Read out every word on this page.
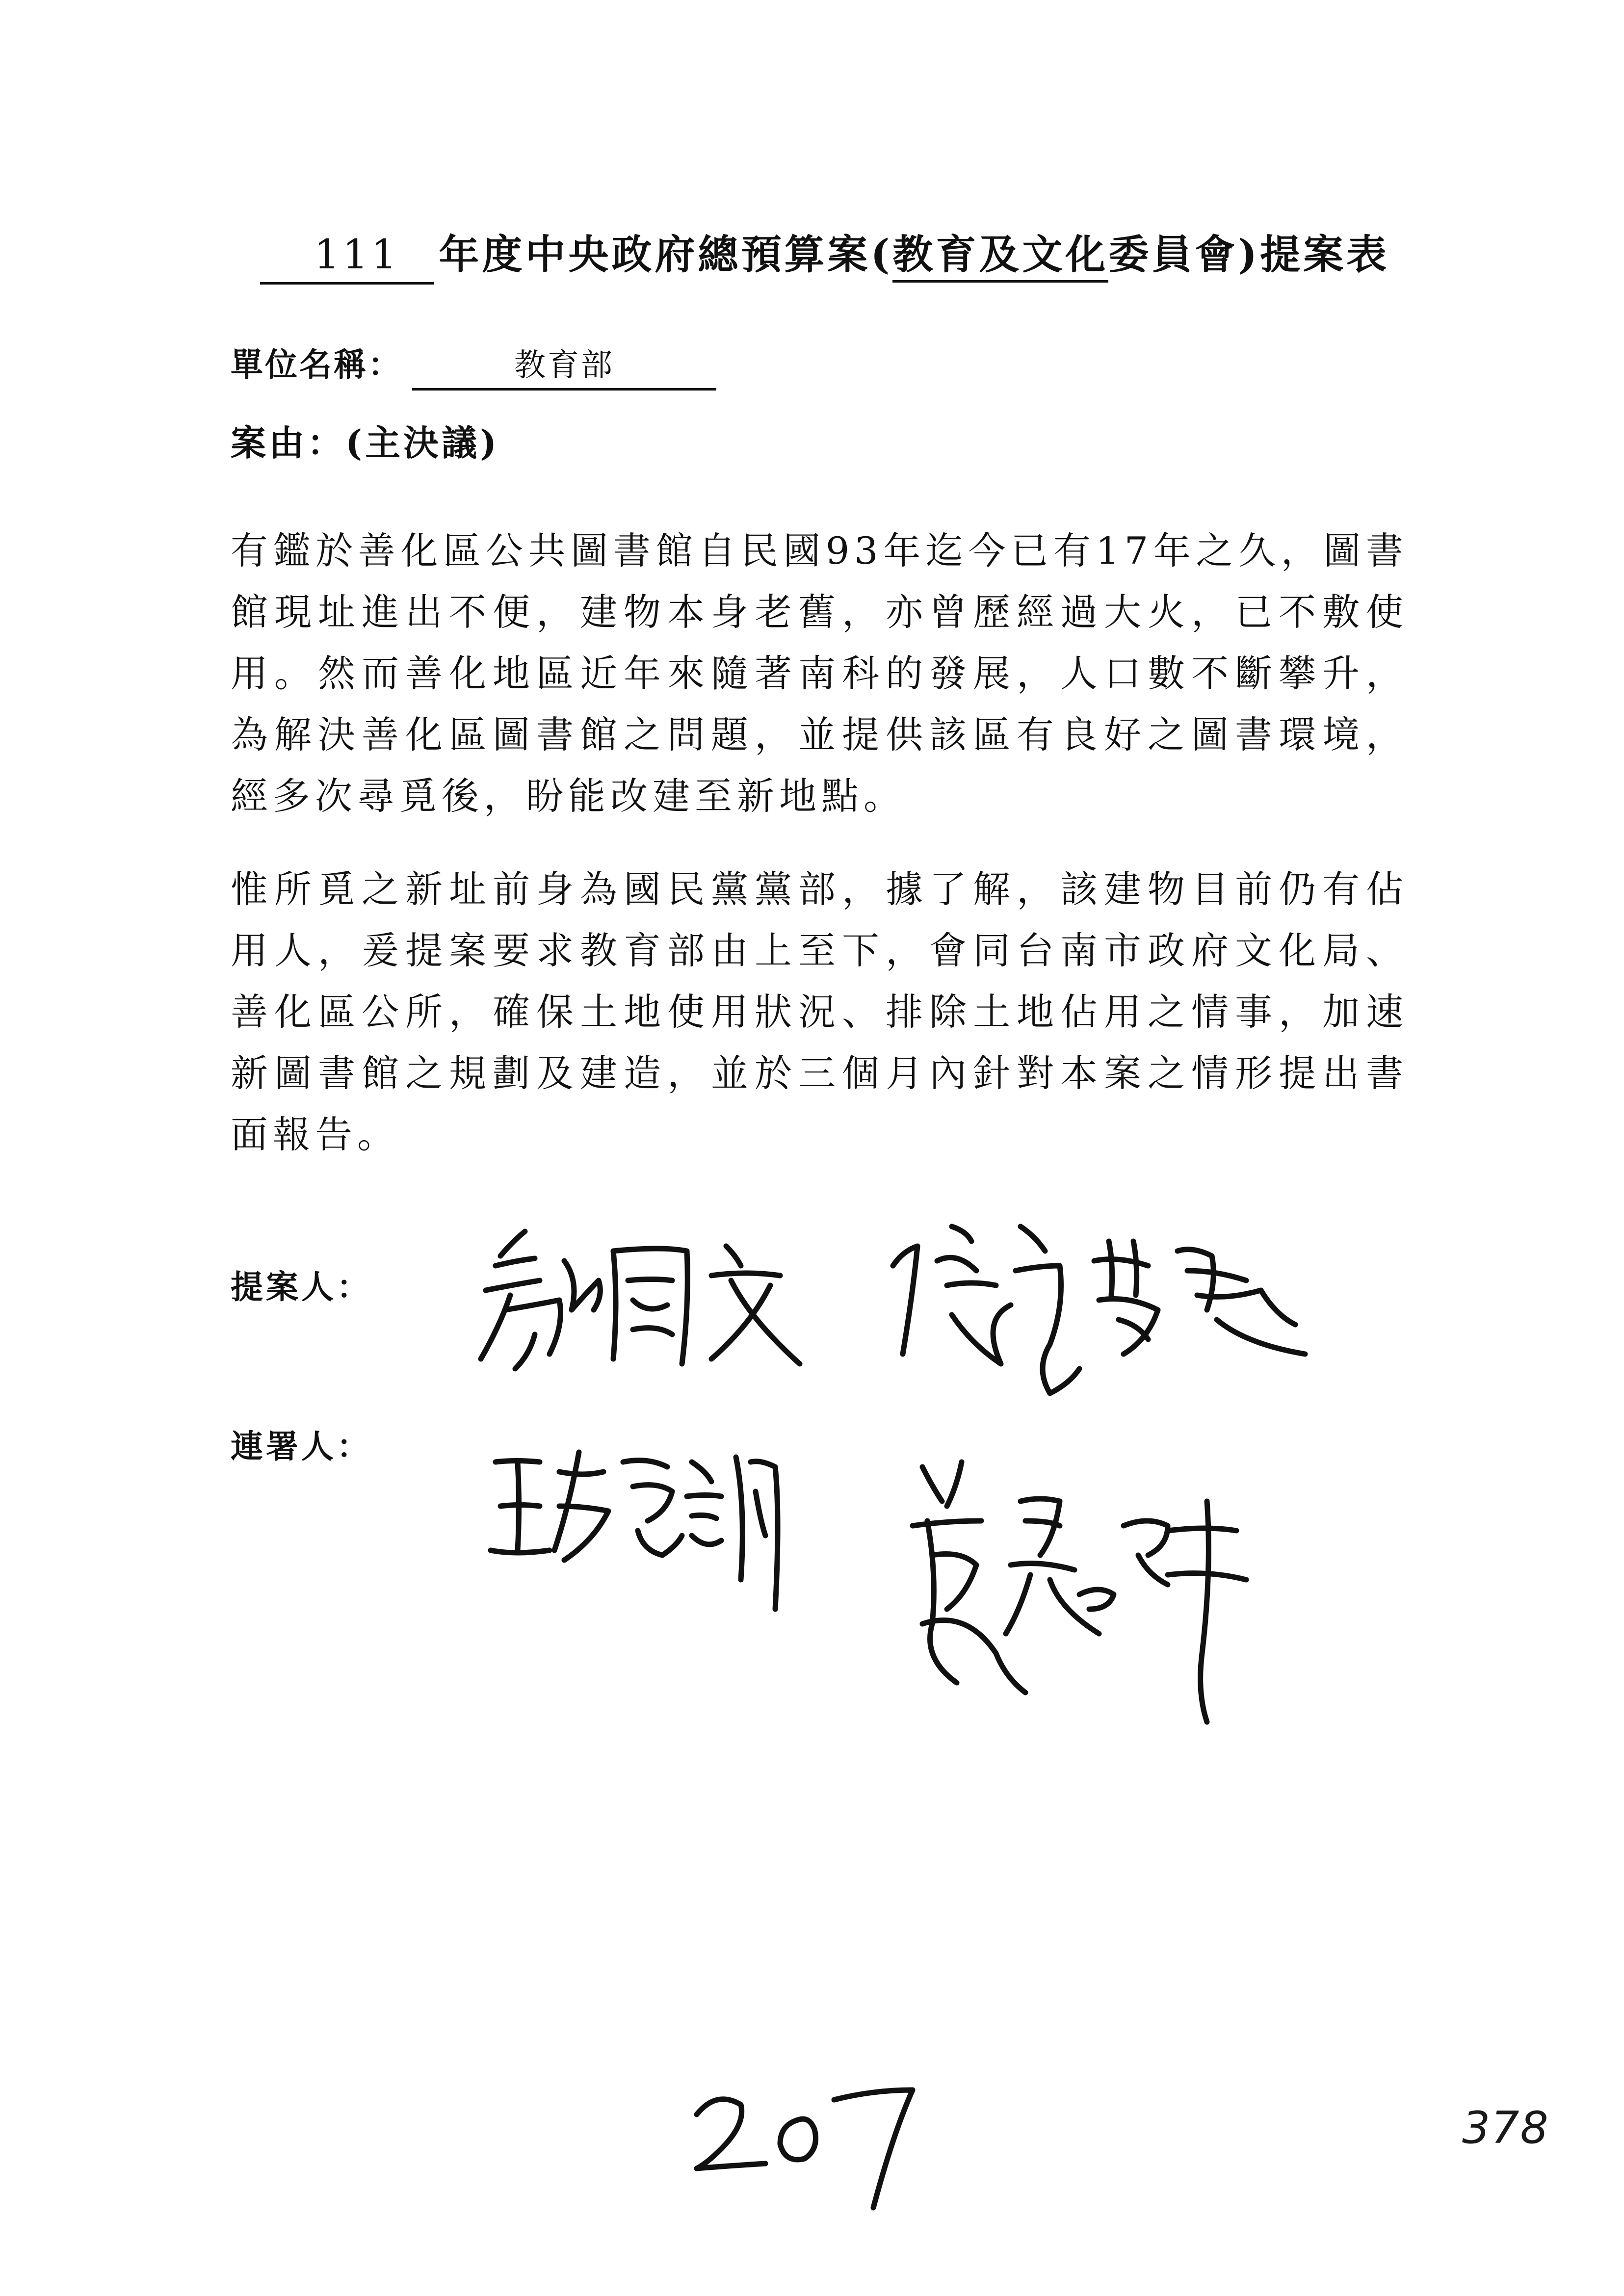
111 年度中央政府總預算案(教育及文化委員會)提案表
單位名稱：	教育部
案由：(主決議)

有鑑於善化區公共圖書館自民國93年迄今已有17年之久，圖書館現址進出不便，建物本身老舊，亦曾歷經過大火，已不敷使用。然而善化地區近年來隨著南科的發展，人口數不斷攀升，為解決善化區圖書館之問題，並提供該區有良好之圖書環境，經多次尋覓後，盼能改建至新地點。

惟所覓之新址前身為國民黨黨部，據了解，該建物目前仍有佔用人，爰提案要求教育部由上至下，會同台南市政府文化局、善化區公所，確保土地使用狀況、排除土地佔用之情事，加速新圖書館之規劃及建造，並於三個月內針對本案之情形提出書面報告。

提案人：
連署人：
378
